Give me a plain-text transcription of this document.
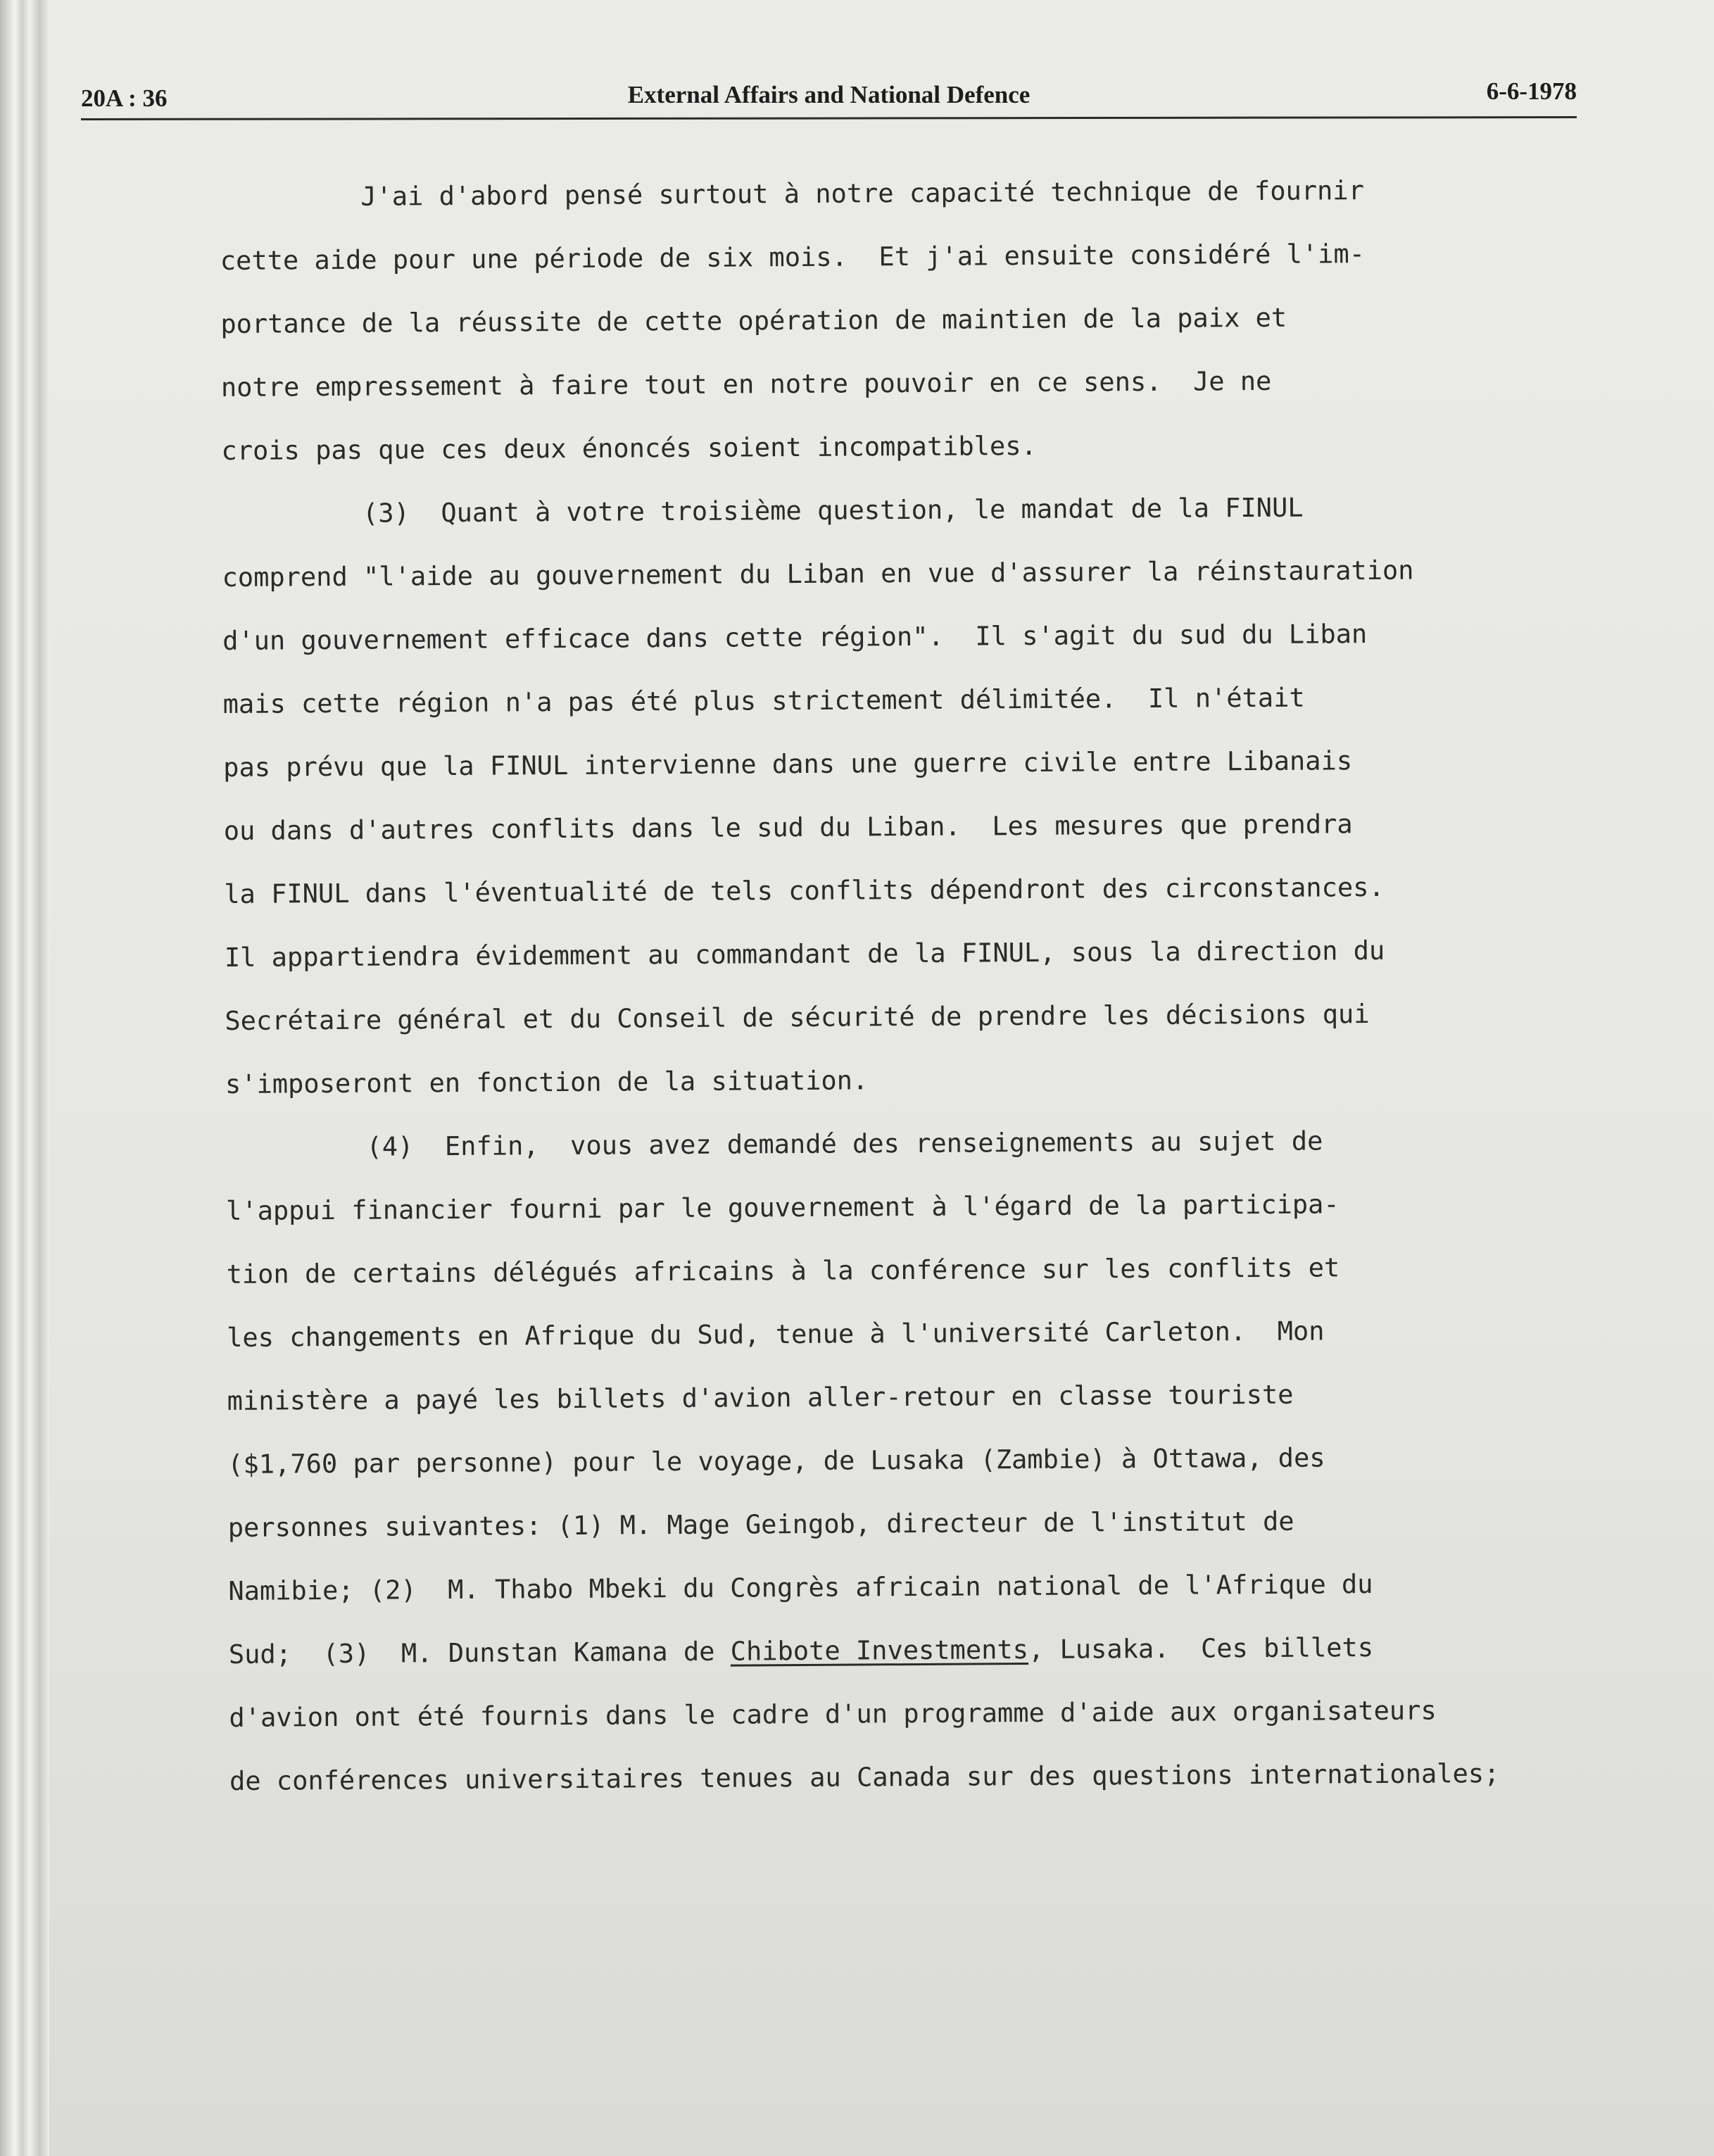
20A : 36	External Affairs and National Defence	6-6-1978
J'ai d'abord pensé surtout à notre capacité technique de fournir
cette aide pour une période de six mois.  Et j'ai ensuite considéré l'im-
portance de la réussite de cette opération de maintien de la paix et
notre empressement à faire tout en notre pouvoir en ce sens.  Je ne
crois pas que ces deux énoncés soient incompatibles.
(3)  Quant à votre troisième question, le mandat de la FINUL
comprend "l'aide au gouvernement du Liban en vue d'assurer la réinstauration
d'un gouvernement efficace dans cette région".  Il s'agit du sud du Liban
mais cette région n'a pas été plus strictement délimitée.  Il n'était
pas prévu que la FINUL intervienne dans une guerre civile entre Libanais
ou dans d'autres conflits dans le sud du Liban.  Les mesures que prendra
la FINUL dans l'éventualité de tels conflits dépendront des circonstances.
Il appartiendra évidemment au commandant de la FINUL, sous la direction du
Secrétaire général et du Conseil de sécurité de prendre les décisions qui
s'imposeront en fonction de la situation.
(4)  Enfin,  vous avez demandé des renseignements au sujet de
l'appui financier fourni par le gouvernement à l'égard de la participa-
tion de certains délégués africains à la conférence sur les conflits et
les changements en Afrique du Sud, tenue à l'université Carleton.  Mon
ministère a payé les billets d'avion aller-retour en classe touriste
($1,760 par personne) pour le voyage, de Lusaka (Zambie) à Ottawa, des
personnes suivantes: (1) M. Mage Geingob, directeur de l'institut de
Namibie; (2)  M. Thabo Mbeki du Congrès africain national de l'Afrique du
Sud;  (3)  M. Dunstan Kamana de Chibote Investments, Lusaka.  Ces billets
d'avion ont été fournis dans le cadre d'un programme d'aide aux organisateurs
de conférences universitaires tenues au Canada sur des questions internationales;
